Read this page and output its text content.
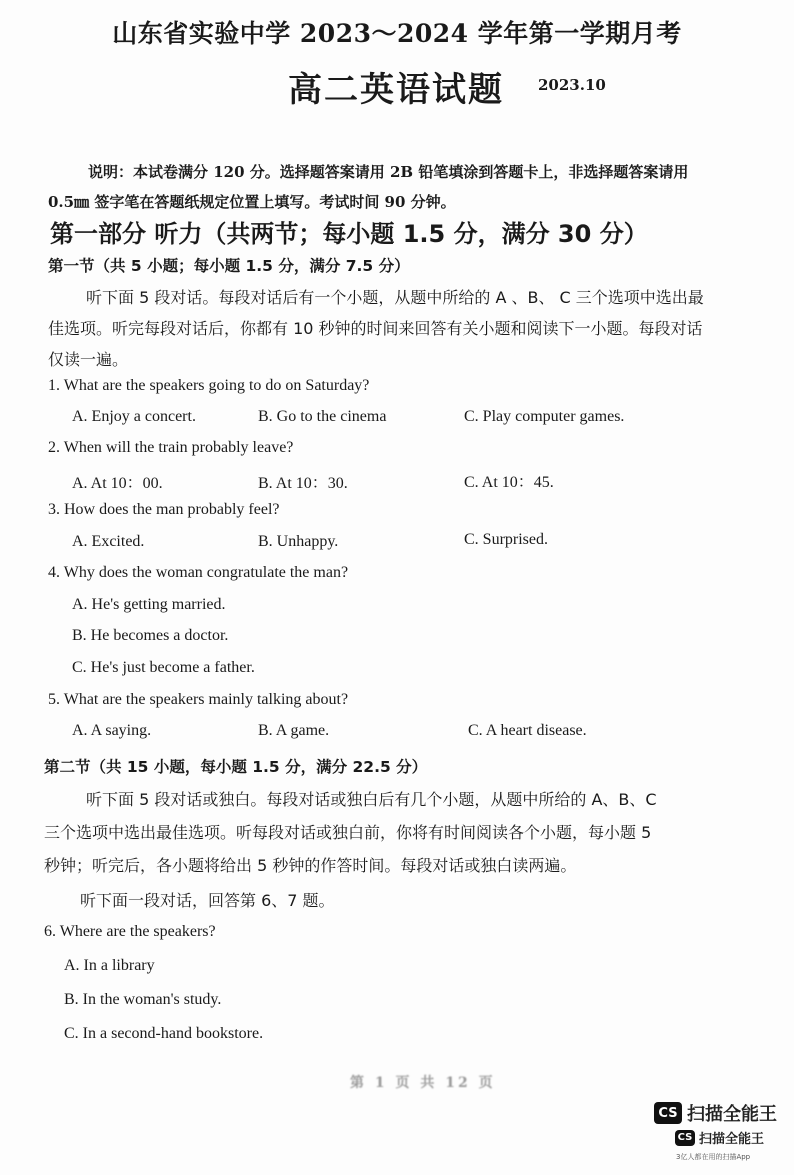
山东省实验中学 2023～2024 学年第一学期月考
高二英语试题 2023.10
说明：本试卷满分 120 分。选择题答案请用 2B 铅笔填涂到答题卡上，非选择题答案请用
0.5㎜ 签字笔在答题纸规定位置上填写。考试时间 90 分钟。
第一部分 听力（共两节；每小题 1.5 分，满分 30 分）
第一节（共 5 小题；每小题 1.5 分，满分 7.5 分）
听下面 5 段对话。每段对话后有一个小题，从题中所给的 A 、B、 C 三个选项中选出最
佳选项。听完每段对话后，你都有 10 秒钟的时间来回答有关小题和阅读下一小题。每段对话
仅读一遍。
1. What are the speakers going to do on Saturday?
A. Enjoy a concert.	B. Go to the cinema	C. Play computer games.
2. When will the train probably leave?
A. At 10：00.	B. At 10：30.	C. At 10：45.
3. How does the man probably feel?
A. Excited.	B. Unhappy.	C. Surprised.
4. Why does the woman congratulate the man?
A. He's getting married.
B. He becomes a doctor.
C. He's just become a father.
5. What are the speakers mainly talking about?
A. A saying.	B. A game.	C. A heart disease.
第二节（共 15 小题，每小题 1.5 分，满分 22.5 分）
听下面 5 段对话或独白。每段对话或独白后有几个小题，从题中所给的 A、B、C
三个选项中选出最佳选项。听每段对话或独白前，你将有时间阅读各个小题，每小题 5
秒钟；听完后，各小题将给出 5 秒钟的作答时间。每段对话或独白读两遍。
听下面一段对话，回答第 6、7 题。
6. Where are the speakers?
A. In a library
B. In the woman's study.
C. In a second-hand bookstore.
第 1 页 共 12 页
CS 扫描全能王
CS 扫描全能王
3亿人都在用的扫描App
